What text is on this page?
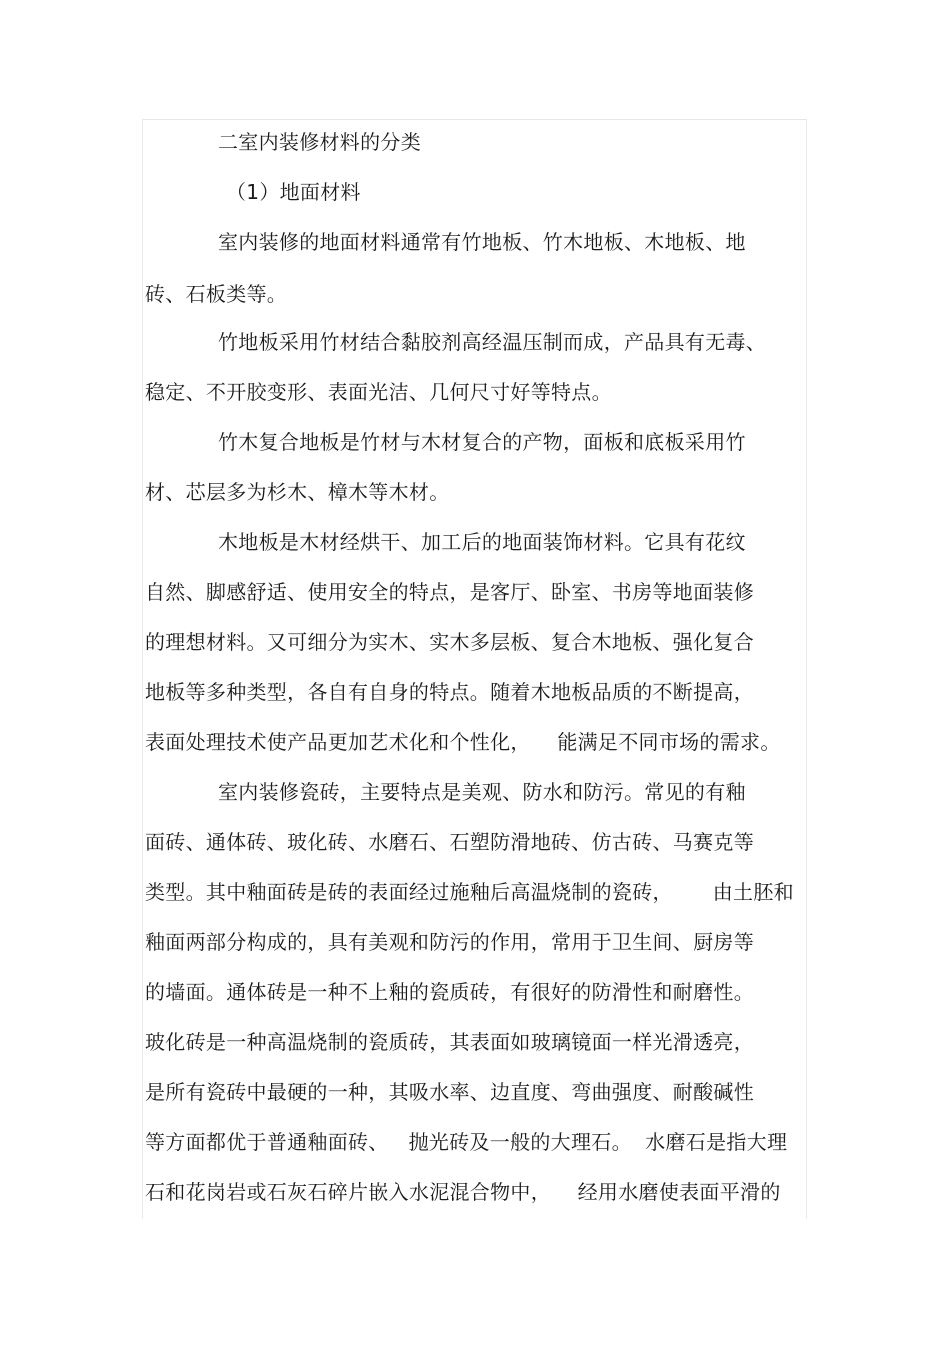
二室内装修材料的分类
（1）地面材料
室内装修的地面材料通常有竹地板、竹木地板、木地板、地
砖、石板类等。
竹地板采用竹材结合黏胶剂高经温压制而成，产品具有无毒、
稳定、不开胶变形、表面光洁、几何尺寸好等特点。
竹木复合地板是竹材与木材复合的产物，面板和底板采用竹
材、芯层多为杉木、樟木等木材。
木地板是木材经烘干、加工后的地面装饰材料。它具有花纹
自然、脚感舒适、使用安全的特点，是客厅、卧室、书房等地面装修
的理想材料。又可细分为实木、实木多层板、复合木地板、强化复合
地板等多种类型，各自有自身的特点。随着木地板品质的不断提高，
表面处理技术使产品更加艺术化和个性化，    能满足不同市场的需求。
室内装修瓷砖，主要特点是美观、防水和防污。常见的有釉
面砖、通体砖、玻化砖、水磨石、石塑防滑地砖、仿古砖、马赛克等
类型。其中釉面砖是砖的表面经过施釉后高温烧制的瓷砖，      由土胚和
釉面两部分构成的，具有美观和防污的作用，常用于卫生间、厨房等
的墙面。通体砖是一种不上釉的瓷质砖，有很好的防滑性和耐磨性。
玻化砖是一种高温烧制的瓷质砖，其表面如玻璃镜面一样光滑透亮，
是所有瓷砖中最硬的一种，其吸水率、边直度、弯曲强度、耐酸碱性
等方面都优于普通釉面砖、   抛光砖及一般的大理石。  水磨石是指大理
石和花岗岩或石灰石碎片嵌入水泥混合物中，    经用水磨使表面平滑的
